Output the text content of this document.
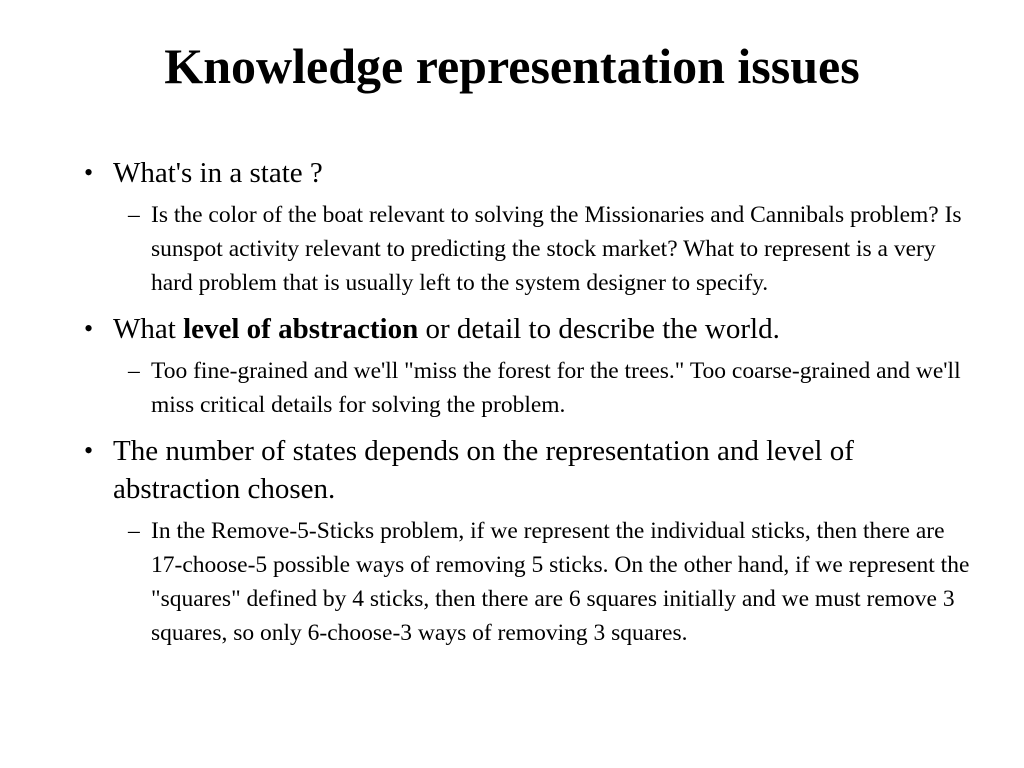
Knowledge representation issues
• What's in a state ?
– Is the color of the boat relevant to solving the Missionaries and Cannibals problem? Is sunspot activity relevant to predicting the stock market? What to represent is a very hard problem that is usually left to the system designer to specify.
• What level of abstraction or detail to describe the world.
– Too fine-grained and we'll "miss the forest for the trees." Too coarse-grained and we'll miss critical details for solving the problem.
• The number of states depends on the representation and level of abstraction chosen.
– In the Remove-5-Sticks problem, if we represent the individual sticks, then there are 17-choose-5 possible ways of removing 5 sticks. On the other hand, if we represent the "squares" defined by 4 sticks, then there are 6 squares initially and we must remove 3 squares, so only 6-choose-3 ways of removing 3 squares.
